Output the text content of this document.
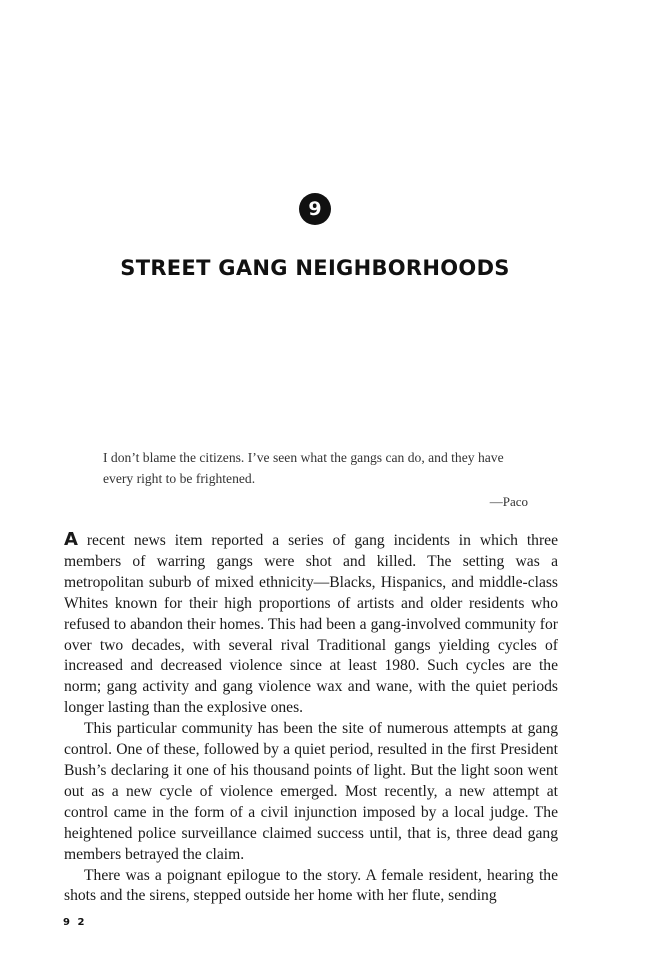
9
STREET GANG NEIGHBORHOODS

I don’t blame the citizens. I’ve seen what the gangs can do, and they have every right to be frightened.

—Paco

A recent news item reported a series of gang incidents in which three members of warring gangs were shot and killed. The setting was a metropolitan suburb of mixed ethnicity—Blacks, Hispanics, and middle-class Whites known for their high proportions of artists and older residents who refused to abandon their homes. This had been a gang-involved community for over two decades, with several rival Traditional gangs yielding cycles of increased and decreased violence since at least 1980. Such cycles are the norm; gang activity and gang violence wax and wane, with the quiet periods longer lasting than the explosive ones.

This particular community has been the site of numerous attempts at gang control. One of these, followed by a quiet period, resulted in the first President Bush’s declaring it one of his thousand points of light. But the light soon went out as a new cycle of violence emerged. Most recently, a new attempt at control came in the form of a civil injunction imposed by a local judge. The heightened police surveillance claimed success until, that is, three dead gang members betrayed the claim.

There was a poignant epilogue to the story. A female resident, hearing the shots and the sirens, stepped outside her home with her flute, sending

9 2
